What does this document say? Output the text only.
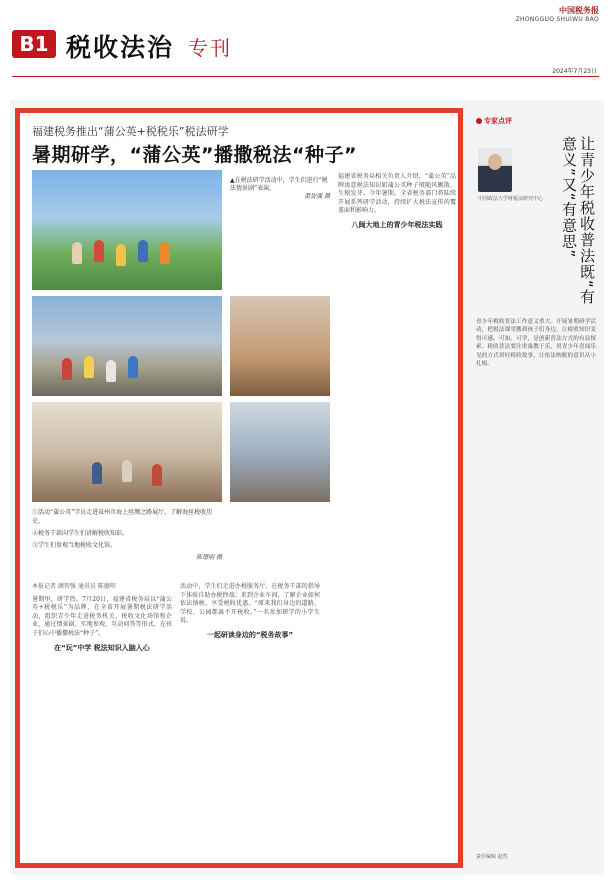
中国税务报
ZHONGGUO SHUIWU BAO
B1 税收法治 专刊
2024年7月23日
福建税务推出“蒲公英+税税乐”税法研学
暑期研学，“蒲公英”播撒税法“种子”
▲在税法研学活动中，学生们进行“税法情景剧”表演。
黄智强 摄

①活动“蒲公英”学员走进泉州市海上丝绸之路展厅，了解海丝税收历史。

②税务干部向学生们讲解税收知识。

③学生们参观当地税收文化馆。

陈德明 摄
本报记者 颜智强 通讯员 陈德明

暑期里，研学热。7月20日，福建省税务局以“蒲公英+税税乐”为品牌，在全省开展暑期税法研学活动，组织青少年走进税务机关、税收文化场馆和企业，通过情景剧、实地参观、互动问答等形式，在孩子们心中播撒税法“种子”。

在“玩”中学 税法知识入脑入心

活动中，学生们走进办税服务厅，在税务干部的指导下体验自助办税终端；来到企业车间，了解企业如何依法纳税、享受税收优惠。“原来我们身边的道路、学校、公园都离不开税收。”一名参加研学的小学生说。

一起研读身边的“税务故事”

福建省税务局相关负责人介绍，“蒲公英”品牌寓意税法知识如蒲公英种子般随风飘散、生根发芽。今年暑期，全省税务部门将陆续开展系列研学活动，持续扩大税法宣传的覆盖面和影响力。

八闽大地上的青少年税法实践
专家点评
中国政法大学财税法研究中心	让青少年税收普法既“有意义”又“有意思”
青少年税收普法工作意义重大。开展暑期研学活动，把税法课堂搬到孩子们身边，让税收知识变得可感、可知、可学，是创新普法方式的有益探索。税收普法要注重寓教于乐，用青少年喜闻乐见的方式讲好税收故事，让依法纳税的意识从小扎根。
责任编辑 赵然
